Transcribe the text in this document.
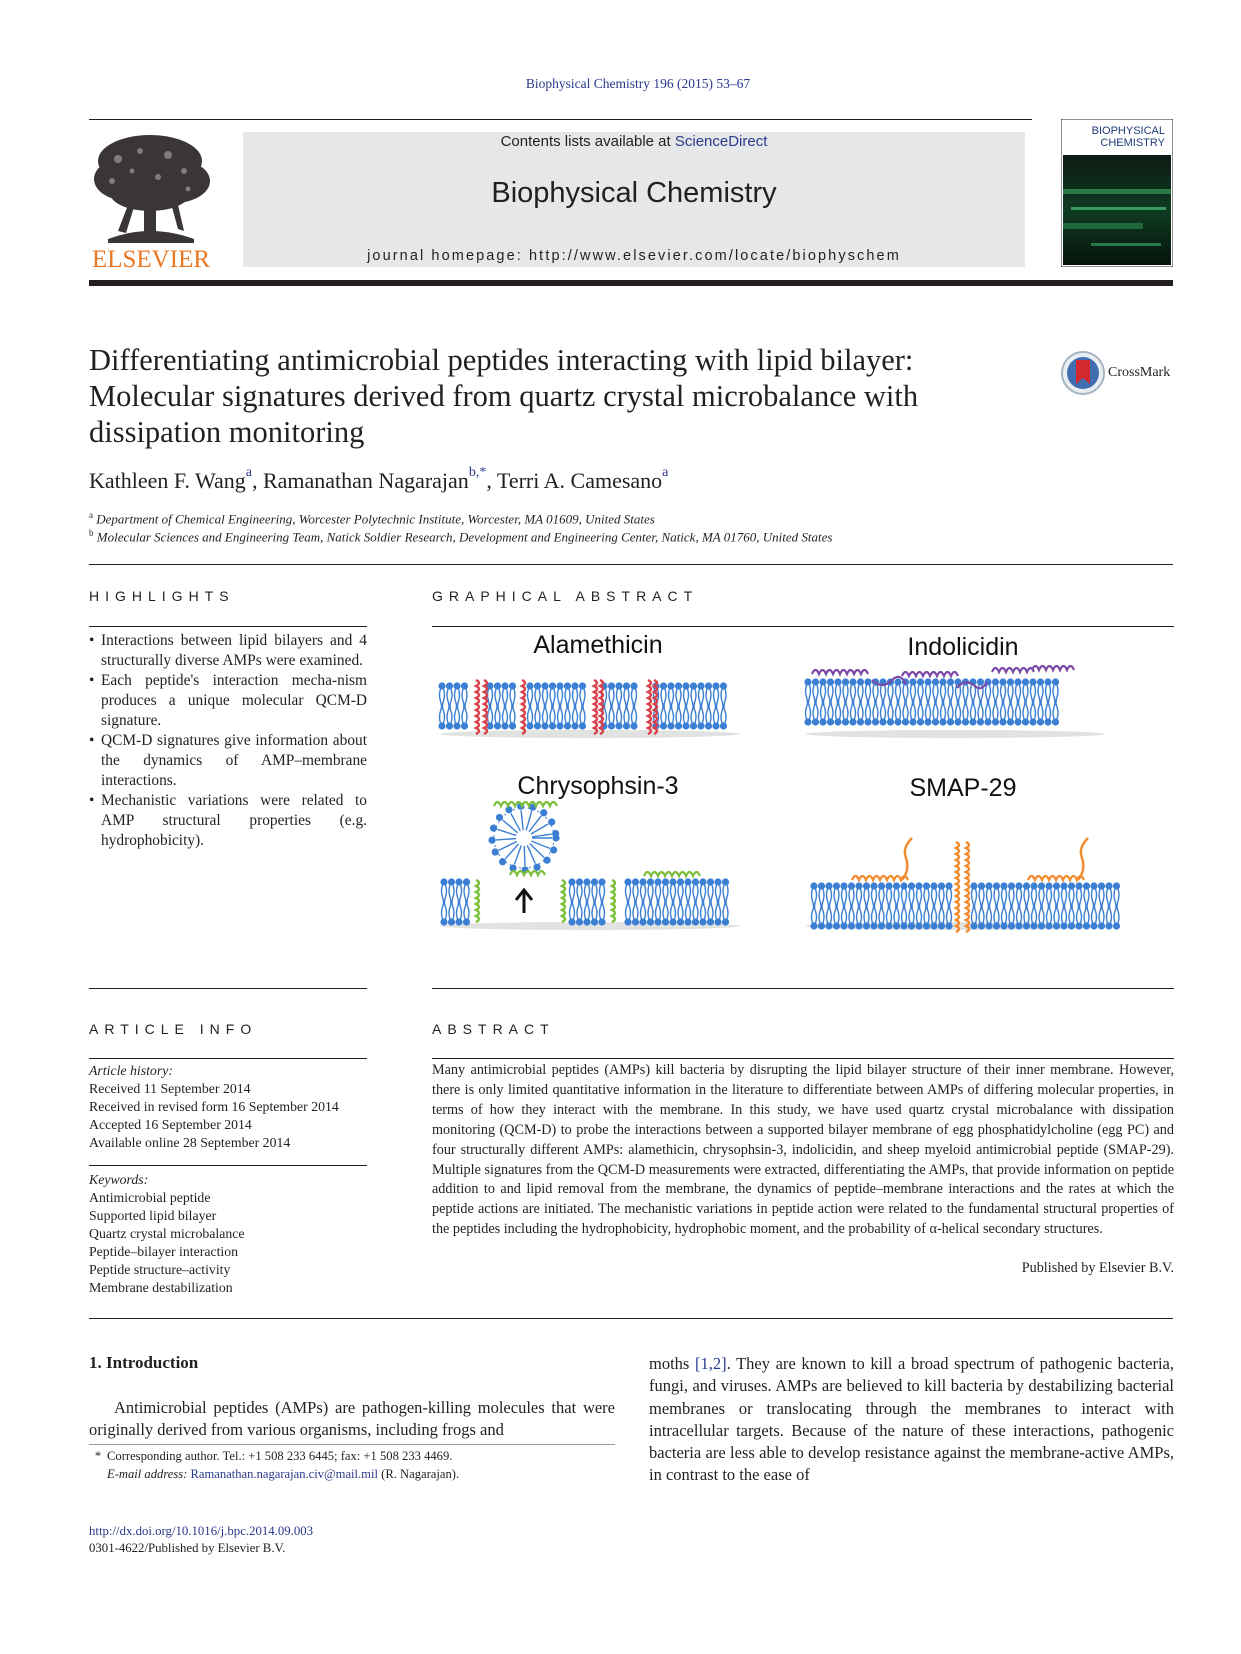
Biophysical Chemistry 196 (2015) 53–67
ELSEVIER
Contents lists available at ScienceDirect
Biophysical Chemistry
journal homepage: http://www.elsevier.com/locate/biophyschem
BIOPHYSICAL
CHEMISTRY
Differentiating antimicrobial peptides interacting with lipid bilayer:
Molecular signatures derived from quartz crystal microbalance with
dissipation monitoring
CrossMark
Kathleen F. Wang$^a$, Ramanathan Nagarajan$^{b,*}$, Terri A. Camesano$^a$
$^a$ Department of Chemical Engineering, Worcester Polytechnic Institute, Worcester, MA 01609, United States
$^b$ Molecular Sciences and Engineering Team, Natick Soldier Research, Development and Engineering Center, Natick, MA 01760, United States
HIGHLIGHTS
• Interactions between lipid bilayers and 4 structurally diverse AMPs were examined.
• Each peptide's interaction mecha-nism produces a unique molecular QCM-D signature.
• QCM-D signatures give information about the dynamics of AMP–membrane interactions.
• Mechanistic variations were related to AMP structural properties (e.g. hydrophobicity).
GRAPHICAL ABSTRACT
Alamethicin	Indolicidin
Chrysophsin-3	SMAP-29
ARTICLE INFO
Article history:
Received 11 September 2014
Received in revised form 16 September 2014
Accepted 16 September 2014
Available online 28 September 2014
Keywords:
Antimicrobial peptide
Supported lipid bilayer
Quartz crystal microbalance
Peptide–bilayer interaction
Peptide structure–activity
Membrane destabilization
ABSTRACT
Many antimicrobial peptides (AMPs) kill bacteria by disrupting the lipid bilayer structure of their inner membrane. However, there is only limited quantitative information in the literature to differentiate between AMPs of differing molecular properties, in terms of how they interact with the membrane. In this study, we have used quartz crystal microbalance with dissipation monitoring (QCM-D) to probe the interactions between a supported bilayer membrane of egg phosphatidylcholine (egg PC) and four structurally different AMPs: alamethicin, chrysophsin-3, indolicidin, and sheep myeloid antimicrobial peptide (SMAP-29). Multiple signatures from the QCM-D measurements were extracted, differentiating the AMPs, that provide information on peptide addition to and lipid removal from the membrane, the dynamics of peptide–membrane interactions and the rates at which the peptide actions are initiated. The mechanistic variations in peptide action were related to the fundamental structural properties of the peptides including the hydrophobicity, hydrophobic moment, and the probability of α-helical secondary structures.
Published by Elsevier B.V.
1. Introduction
Antimicrobial peptides (AMPs) are pathogen-killing molecules that were originally derived from various organisms, including frogs and
moths [1,2]. They are known to kill a broad spectrum of pathogenic bacteria, fungi, and viruses. AMPs are believed to kill bacteria by destabilizing bacterial membranes or translocating through the membranes to interact with intracellular targets. Because of the nature of these interactions, pathogenic bacteria are less able to develop resistance against the membrane-active AMPs, in contrast to the ease of
* Corresponding author. Tel.: +1 508 233 6445; fax: +1 508 233 4469.
E-mail address: Ramanathan.nagarajan.civ@mail.mil (R. Nagarajan).
http://dx.doi.org/10.1016/j.bpc.2014.09.003
0301-4622/Published by Elsevier B.V.
